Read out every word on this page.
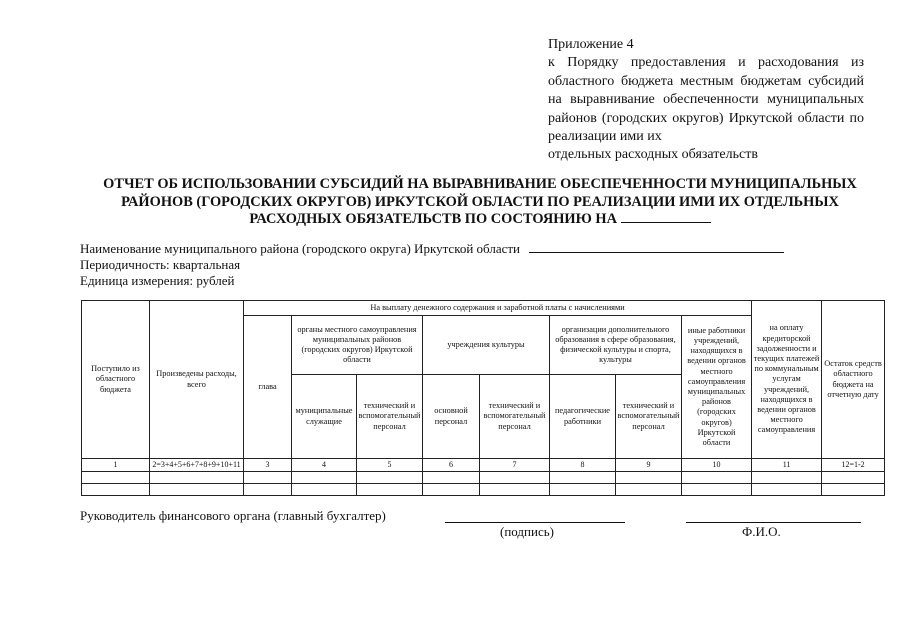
Приложение 4
к Порядку предоставления и расходования из областного бюджета местным бюджетам субсидий на выравнивание обеспеченности муниципальных районов (городских округов) Иркутской области по реализации ими их
отдельных расходных обязательств
ОТЧЕТ ОБ ИСПОЛЬЗОВАНИИ СУБСИДИЙ НА ВЫРАВНИВАНИЕ ОБЕСПЕЧЕННОСТИ МУНИЦИПАЛЬНЫХ РАЙОНОВ (ГОРОДСКИХ ОКРУГОВ) ИРКУТСКОЙ ОБЛАСТИ ПО РЕАЛИЗАЦИИ ИМИ ИХ ОТДЕЛЬНЫХ РАСХОДНЫХ ОБЯЗАТЕЛЬСТВ ПО СОСТОЯНИЮ НА
Наименование муниципального района (городского округа) Иркутской области
Периодичность: квартальная
Единица измерения: рублей
Поступило из областного бюджета	Произведены расходы, всего	На выплату денежного содержания и заработной платы с начислениями								на оплату кредиторской задолженности и текущих платежей по коммунальным услугам учреждений, находящихся в ведении органов местного самоуправления	Остаток средств областного бюджета на отчетную дату
		глава	органы местного самоуправления муниципальных районов (городских округов) Иркутской области		учреждения культуры		организации дополнительного образования в сфере образования, физической культуры и спорта, культуры		иные работники учреждений, находящихся в ведении органов местного самоуправления муниципальных районов (городских округов) Иркутской области		
			муниципальные служащие	технический и вспомогательный персонал	основной персонал	технический и вспомогательный персонал	педагогические работники	технический и вспомогательный персонал			
1	2=3+4+5+6+7+8+9+10+11	3	4	5	6	7	8	9	10	11	12=1-2

Руководитель финансового органа (главный бухгалтер)
(подпись)	Ф.И.О.
